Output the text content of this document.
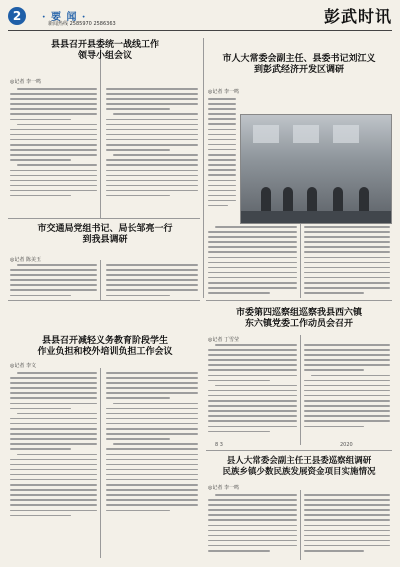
2	· 要 闻 ·
新闻热线 2585970 2586363	彭武时讯
县县召开县委统一战线工作
领导小组会议
◎记者 李一鸣
市交通局党组书记、局长邹亮一行
到我县调研
◎记者 陈美玉
县县召开减轻义务教育阶段学生
作业负担和校外培训负担工作会议
◎记者 李文
市人大常委会副主任、县委书记刘江义
到彭武经济开发区调研
◎记者 李一鸣
市委第四巡察组巡察我县西六镇
东六镇党委工作动员会召开
◎记者 丁雪莹
8 3	2020
县人大常委会副主任王县委巡察组调研
民族乡镇少数民族发展资金项目实施情况
◎记者 李一鸣
